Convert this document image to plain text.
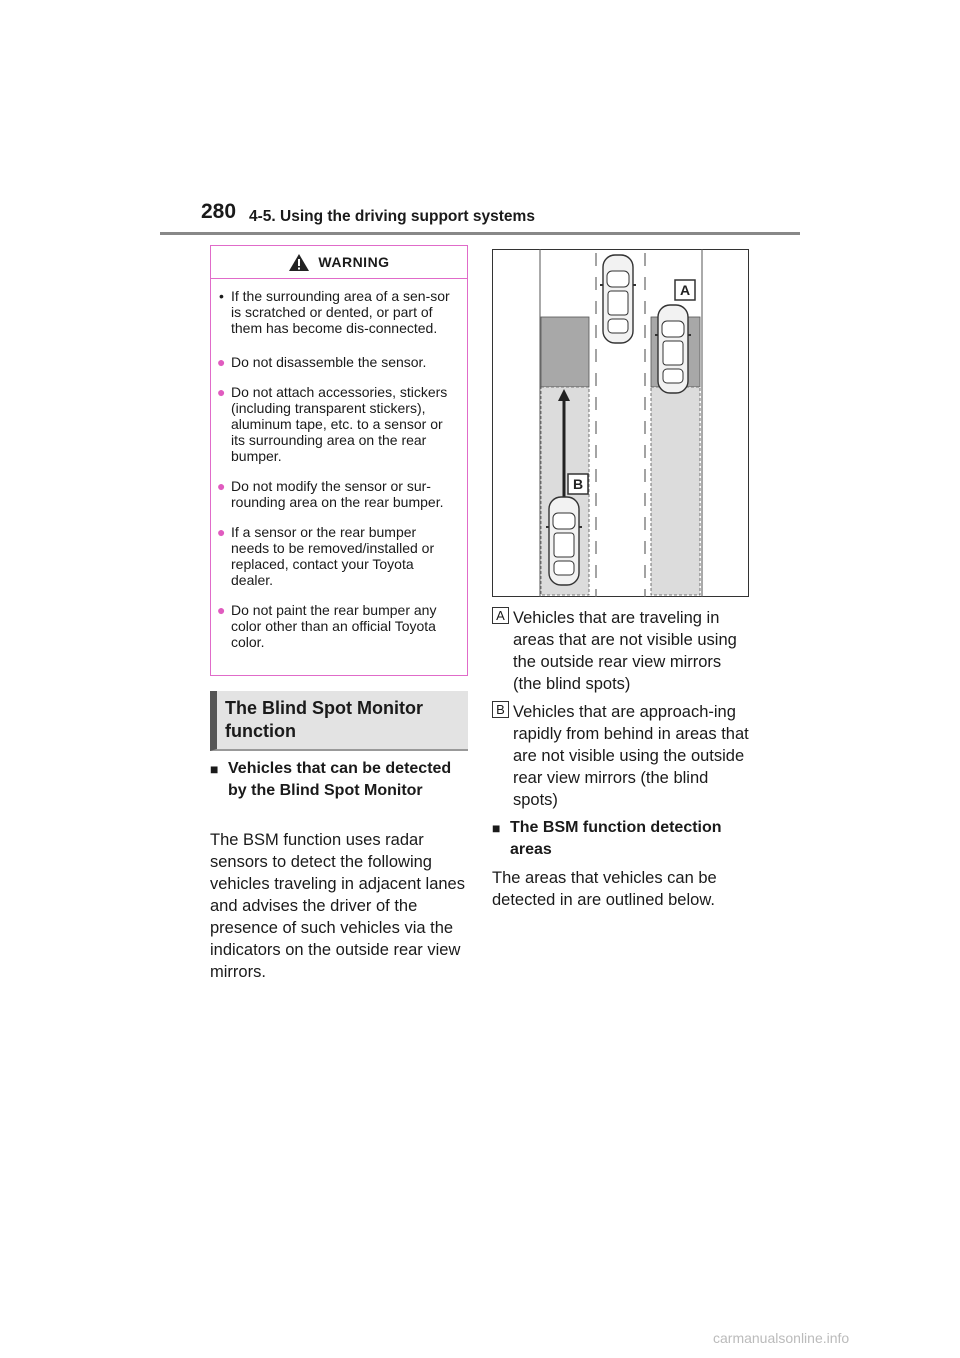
280 4-5. Using the driving support systems
WARNING
• If the surrounding area of a sen-sor is scratched or dented, or part of them has become dis-connected.
● Do not disassemble the sensor.
● Do not attach accessories, stickers (including transparent stickers), aluminum tape, etc. to a sensor or its surrounding area on the rear bumper.
● Do not modify the sensor or sur-rounding area on the rear bumper.
● If a sensor or the rear bumper needs to be removed/installed or replaced, contact your Toyota dealer.
● Do not paint the rear bumper any color other than an official Toyota color.
The Blind Spot Monitor function
■ Vehicles that can be detected by the Blind Spot Monitor
The BSM function uses radar sensors to detect the following vehicles traveling in adjacent lanes and advises the driver of the presence of such vehicles via the indicators on the outside rear view mirrors.
A
B
A Vehicles that are traveling in areas that are not visible using the outside rear view mirrors (the blind spots)
B Vehicles that are approach-ing rapidly from behind in areas that are not visible using the outside rear view mirrors (the blind spots)
■ The BSM function detection areas
The areas that vehicles can be detected in are outlined below.
carmanualsonline.info
